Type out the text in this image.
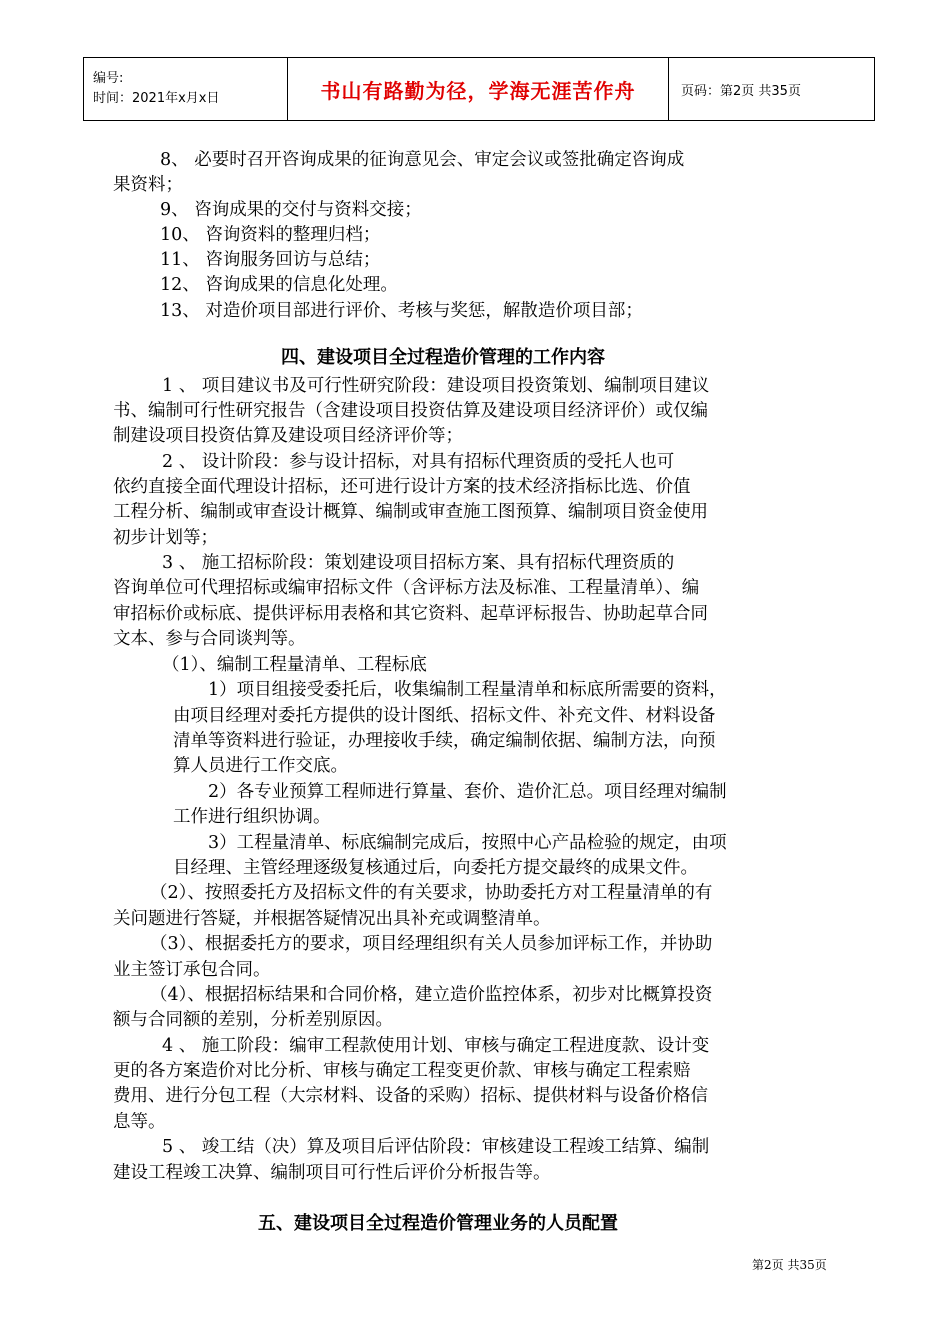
编号:
时间：2021年x月x日	书山有路勤为径，学海无涯苦作舟	页码：第2页 共35页
8、 必要时召开咨询成果的征询意见会、审定会议或签批确定咨询成
果资料；
9、 咨询成果的交付与资料交接；
10、 咨询资料的整理归档；
11、 咨询服务回访与总结；
12、 咨询成果的信息化处理。
13、 对造价项目部进行评价、考核与奖惩，解散造价项目部；
四、建设项目全过程造价管理的工作内容
1 、 项目建议书及可行性研究阶段：建设项目投资策划、编制项目建议
书、编制可行性研究报告（含建设项目投资估算及建设项目经济评价）或仅编
制建设项目投资估算及建设项目经济评价等；
2 、 设计阶段：参与设计招标，对具有招标代理资质的受托人也可
依约直接全面代理设计招标，还可进行设计方案的技术经济指标比选、价值
工程分析、编制或审查设计概算、编制或审查施工图预算、编制项目资金使用
初步计划等；
3 、 施工招标阶段：策划建设项目招标方案、具有招标代理资质的
咨询单位可代理招标或编审招标文件（含评标方法及标准、工程量清单）、编
审招标价或标底、提供评标用表格和其它资料、起草评标报告、协助起草合同
文本、参与合同谈判等。
（1）、编制工程量清单、工程标底
1）项目组接受委托后，收集编制工程量清单和标底所需要的资料，
由项目经理对委托方提供的设计图纸、招标文件、补充文件、材料设备
清单等资料进行验证，办理接收手续，确定编制依据、编制方法，向预
算人员进行工作交底。
2）各专业预算工程师进行算量、套价、造价汇总。项目经理对编制
工作进行组织协调。
3）工程量清单、标底编制完成后，按照中心产品检验的规定，由项
目经理、主管经理逐级复核通过后，向委托方提交最终的成果文件。
（2）、按照委托方及招标文件的有关要求，协助委托方对工程量清单的有
关问题进行答疑，并根据答疑情况出具补充或调整清单。
（3）、根据委托方的要求，项目经理组织有关人员参加评标工作，并协助
业主签订承包合同。
（4）、根据招标结果和合同价格，建立造价监控体系，初步对比概算投资
额与合同额的差别，分析差别原因。
4 、 施工阶段：编审工程款使用计划、审核与确定工程进度款、设计变
更的各方案造价对比分析、审核与确定工程变更价款、审核与确定工程索赔
费用、进行分包工程（大宗材料、设备的采购）招标、提供材料与设备价格信
息等。
5 、 竣工结（决）算及项目后评估阶段：审核建设工程竣工结算、编制
建设工程竣工决算、编制项目可行性后评价分析报告等。
五、建设项目全过程造价管理业务的人员配置
第2页 共35页
